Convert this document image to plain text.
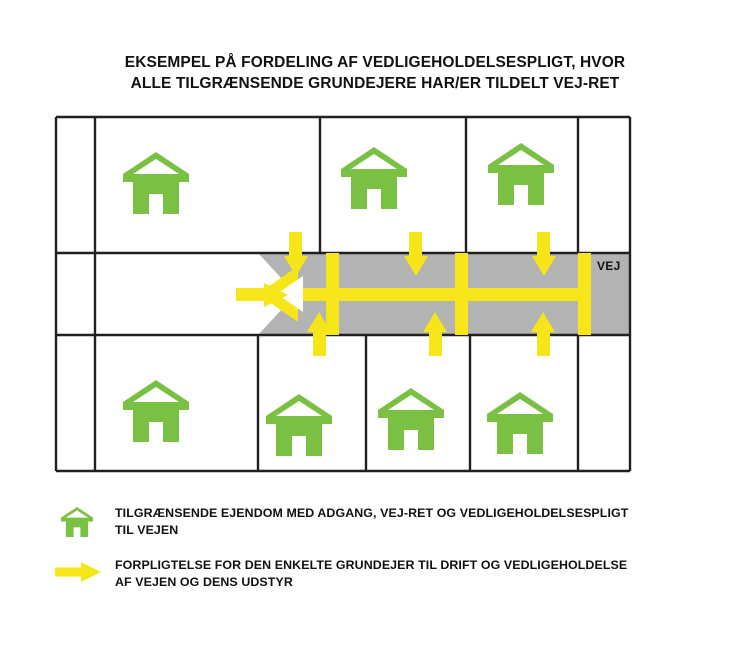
EKSEMPEL PÅ FORDELING AF VEDLIGEHOLDELSESPLIGT, HVOR
ALLE TILGRÆNSENDE GRUNDEJERE HAR/ER TILDELT VEJ-RET
VEJ
TILGRÆNSENDE EJENDOM MED ADGANG, VEJ-RET OG VEDLIGEHOLDELSESPLIGT
TIL VEJEN
FORPLIGTELSE FOR DEN ENKELTE GRUNDEJER TIL DRIFT OG VEDLIGEHOLDELSE
AF VEJEN OG DENS UDSTYR
